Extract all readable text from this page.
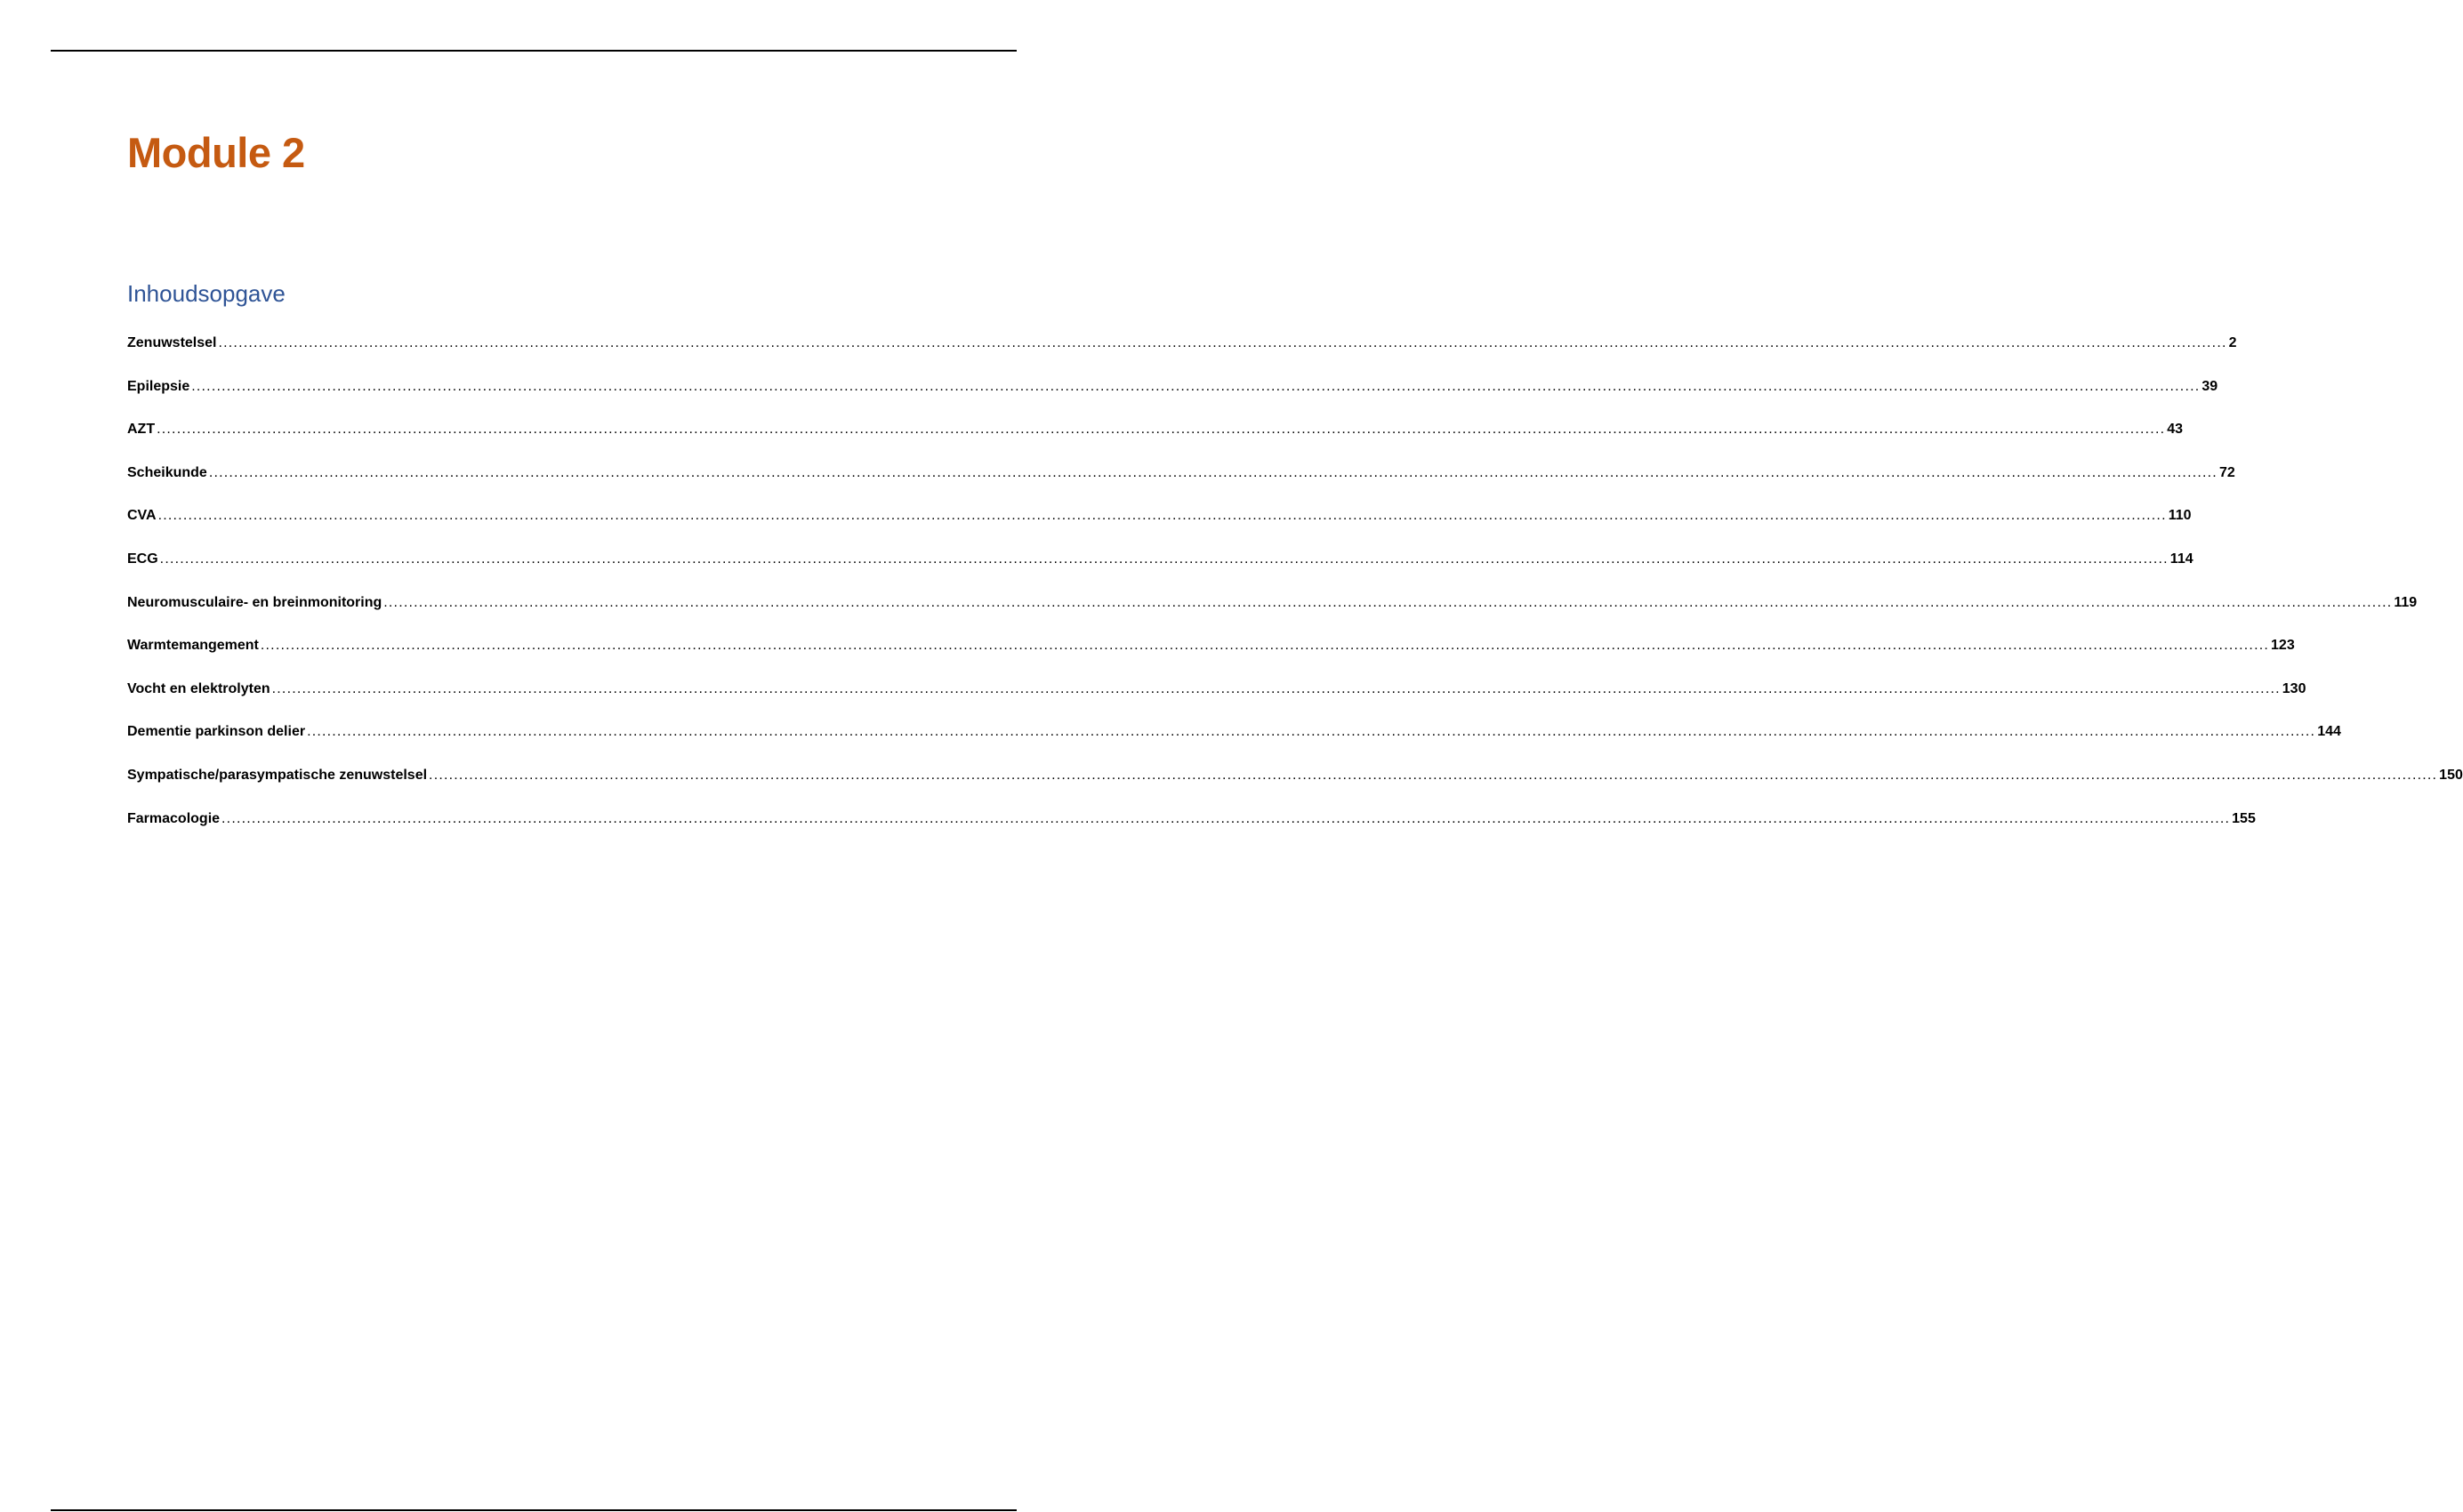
Module 2
Inhoudsopgave
Zenuwstelsel ................................................................................................................................................................................................................................................................................................................................................................................................................ 2
Epilepsie ................................................................................................................................................................................................................................................................................................................................................................................................................ 39
AZT ................................................................................................................................................................................................................................................................................................................................................................................................................ 43
Scheikunde ................................................................................................................................................................................................................................................................................................................................................................................................................ 72
CVA ................................................................................................................................................................................................................................................................................................................................................................................................................ 110
ECG ................................................................................................................................................................................................................................................................................................................................................................................................................ 114
Neuromusculaire- en breinmonitoring ................................................................................................................................................................................................................................................................................................................................................................................................................ 119
Warmtemangement ................................................................................................................................................................................................................................................................................................................................................................................................................ 123
Vocht en elektrolyten ................................................................................................................................................................................................................................................................................................................................................................................................................ 130
Dementie parkinson delier ................................................................................................................................................................................................................................................................................................................................................................................................................ 144
Sympatische/parasympatische zenuwstelsel ................................................................................................................................................................................................................................................................................................................................................................................................................ 150
Farmacologie ................................................................................................................................................................................................................................................................................................................................................................................................................ 155
